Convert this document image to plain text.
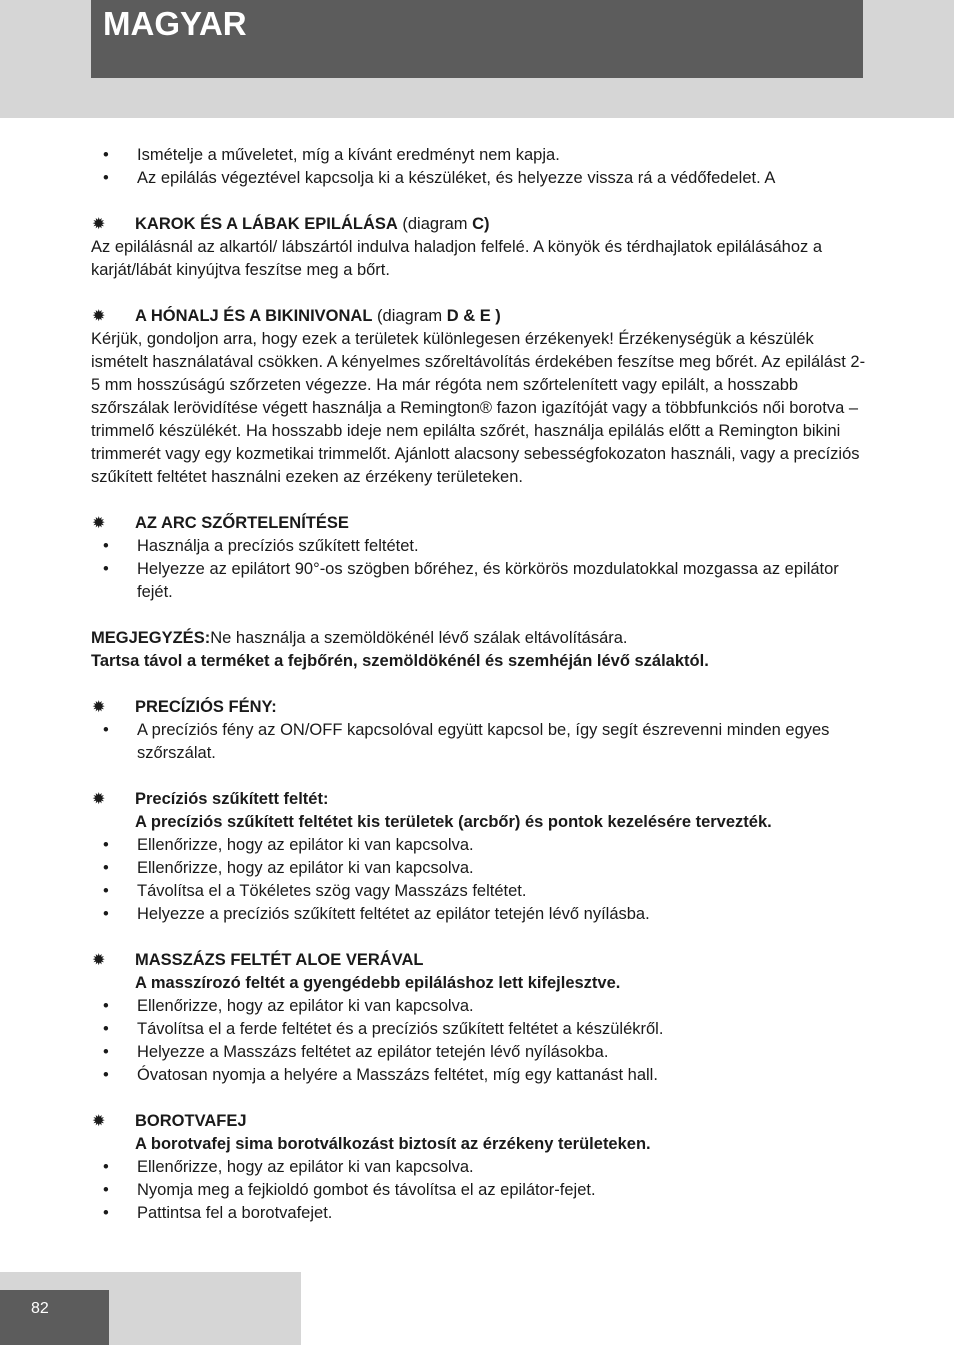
MAGYAR
• Ismételje a műveletet, míg a kívánt eredményt nem kapja.
• Az epilálás végeztével kapcsolja ki a készüléket, és helyezze vissza rá a védőfedelet. A
✹ KAROK ÉS A LÁBAK EPILÁLÁSA (diagram C)

Az epilálásnál az alkartól/ lábszártól indulva haladjon felfelé. A könyök és térdhajlatok epilálásához a karját/lábát kinyújtva feszítse meg a bőrt.

✹ A HÓNALJ ÉS A BIKINIVONAL (diagram D & E )

Kérjük, gondoljon arra, hogy ezek a területek különlegesen érzékenyek! Érzékenységük a készülék ismételt használatával csökken. A kényelmes szőreltávolítás érdekében feszítse meg bőrét. Az epilálást 2-5 mm hosszúságú szőrzeten végezze. Ha már régóta nem szőrtelenített vagy epilált, a hosszabb szőrszálak lerövidítése végett használja a Remington® fazon igazítóját vagy a többfunkciós női borotva – trimmelő készülékét. Ha hosszabb ideje nem epilálta szőrét, használja epilálás előtt a Remington bikini trimmerét vagy egy kozmetikai trimmelőt. Ajánlott alacsony sebességfokozaton használi, vagy a precíziós szűkített feltétet használni ezeken az érzékeny területeken.

✹ AZ ARC SZŐRTELENÍTÉSE
• Használja a precíziós szűkített feltétet.
• Helyezze az epilátort 90°-os szögben bőréhez, és körkörös mozdulatokkal mozgassa az epilátor fejét.
MEGJEGYZÉS:Ne használja a szemöldökénél lévő szálak eltávolítására.
Tartsa távol a terméket a fejbőrén, szemöldökénél és szemhéján lévő szálaktól.
✹ PRECÍZIÓS FÉNY:
• A precíziós fény az ON/OFF kapcsolóval együtt kapcsol be, így segít észrevenni minden egyes szőrszálat.
✹ Precíziós szűkített feltét:
A precíziós szűkített feltétet kis területek (arcbőr) és pontok kezelésére tervezték.
• Ellenőrizze, hogy az epilátor ki van kapcsolva.
• Ellenőrizze, hogy az epilátor ki van kapcsolva.
• Távolítsa el a Tökéletes szög vagy Masszázs feltétet.
• Helyezze a precíziós szűkített feltétet az epilátor tetején lévő nyílásba.
✹ MASSZÁZS FELTÉT ALOE VERÁVAL
A masszírozó feltét a gyengédebb epiláláshoz lett kifejlesztve.
• Ellenőrizze, hogy az epilátor ki van kapcsolva.
• Távolítsa el a ferde feltétet és a precíziós szűkített feltétet a készülékről.
• Helyezze a Masszázs feltétet az epilátor tetején lévő nyílásokba.
• Óvatosan nyomja a helyére a Masszázs feltétet, míg egy kattanást hall.
✹ BOROTVAFEJ
A borotvafej sima borotválkozást biztosít az érzékeny területeken.
• Ellenőrizze, hogy az epilátor ki van kapcsolva.
• Nyomja meg a fejkioldó gombot és távolítsa el az epilátor-fejet.
• Pattintsa fel a borotvafejet.
82
